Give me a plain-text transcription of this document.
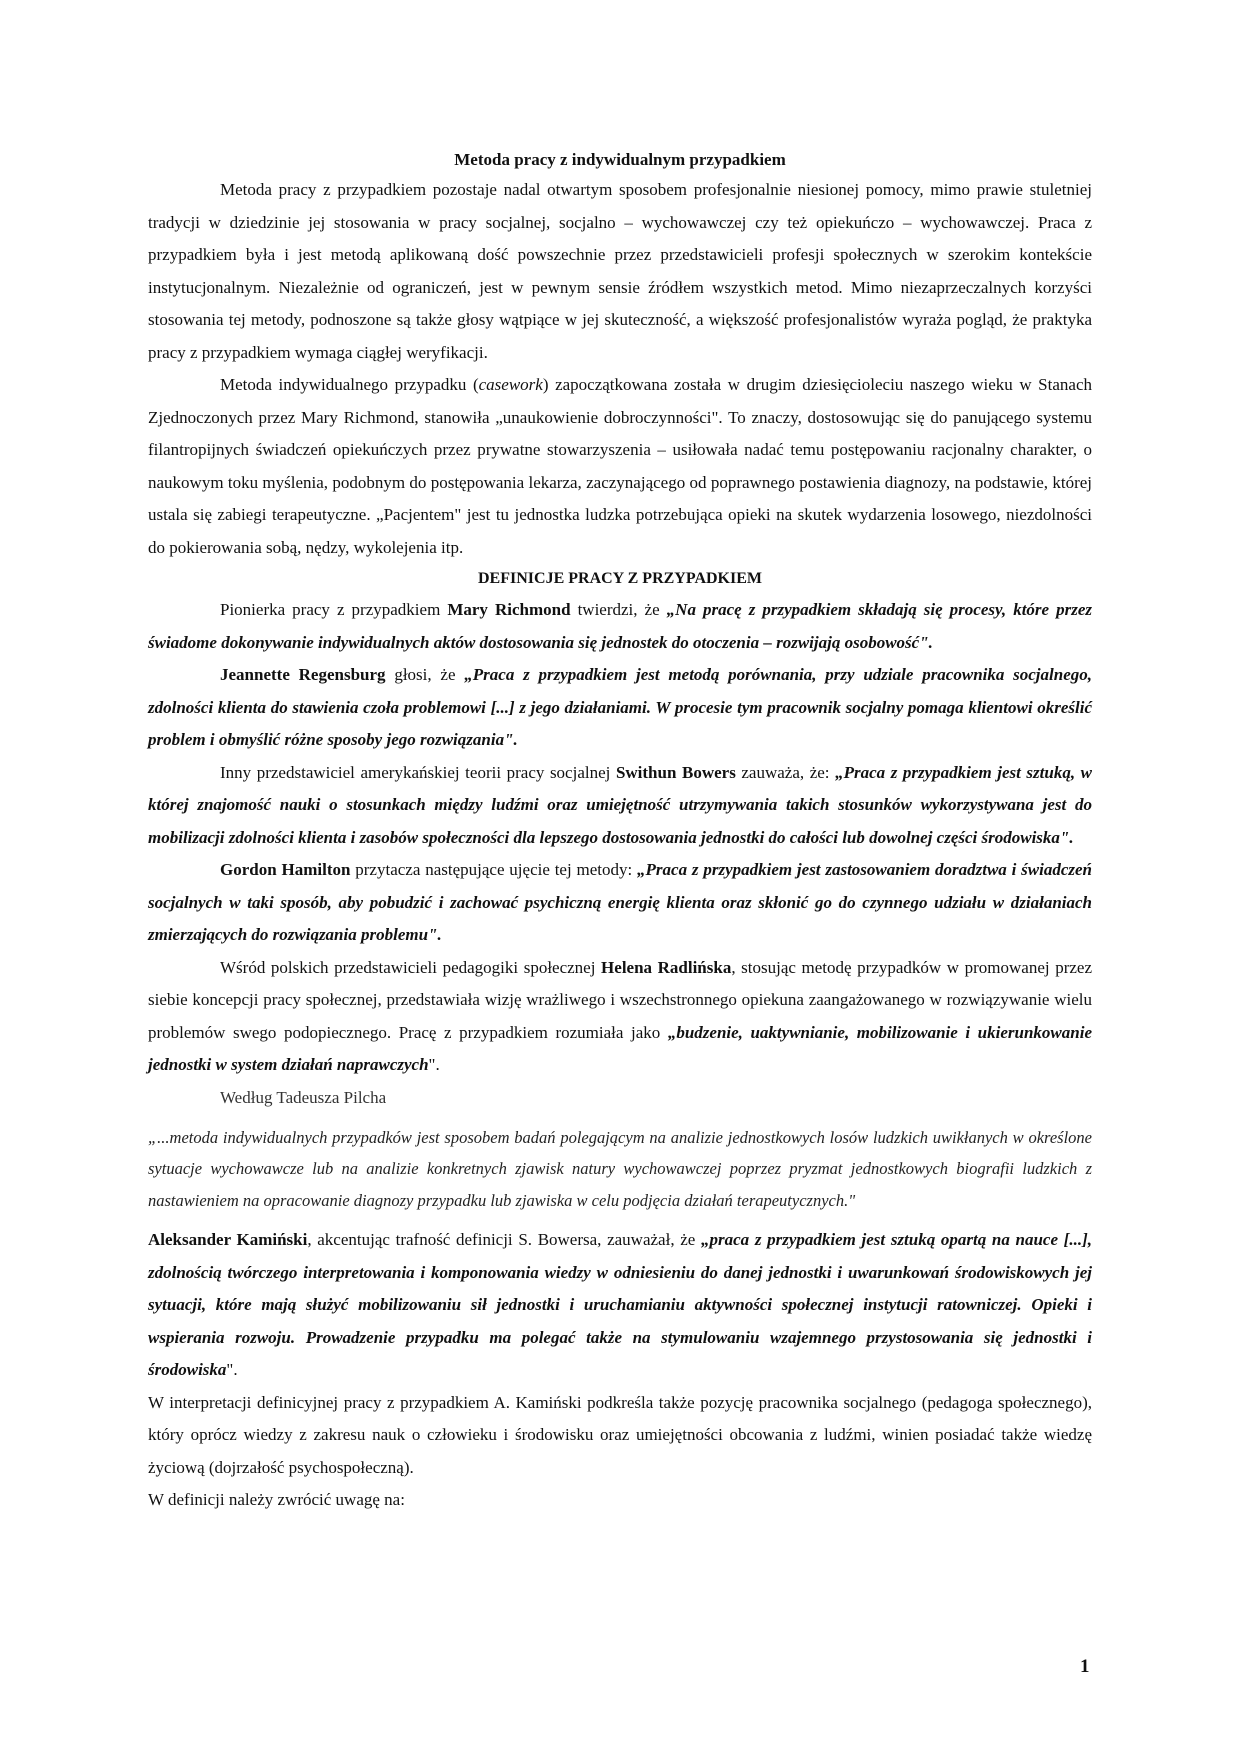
Metoda pracy z indywidualnym przypadkiem

Metoda pracy z przypadkiem pozostaje nadal otwartym sposobem profesjonalnie niesionej pomocy, mimo prawie stuletniej tradycji w dziedzinie jej stosowania w pracy socjalnej, socjalno – wychowawczej czy też opiekuńczo – wychowawczej. Praca z przypadkiem była i jest metodą aplikowaną dość powszechnie przez przedstawicieli profesji społecznych w szerokim kontekście instytucjonalnym. Niezależnie od ograniczeń, jest w pewnym sensie źródłem wszystkich metod. Mimo niezaprzeczalnych korzyści stosowania tej metody, podnoszone są także głosy wątpiące w jej skuteczność, a większość profesjonalistów wyraża pogląd, że praktyka pracy z przypadkiem wymaga ciągłej weryfikacji.

Metoda indywidualnego przypadku (casework) zapoczątkowana została w drugim dziesięcioleciu naszego wieku w Stanach Zjednoczonych przez Mary Richmond, stanowiła „unaukowienie dobroczynności". To znaczy, dostosowując się do panującego systemu filantropijnych świadczeń opiekuńczych przez prywatne stowarzyszenia – usiłowała nadać temu postępowaniu racjonalny charakter, o naukowym toku myślenia, podobnym do postępowania lekarza, zaczynającego od poprawnego postawienia diagnozy, na podstawie, której ustala się zabiegi terapeutyczne. „Pacjentem" jest tu jednostka ludzka potrzebująca opieki na skutek wydarzenia losowego, niezdolności do pokierowania sobą, nędzy, wykolejenia itp.

DEFINICJE PRACY Z PRZYPADKIEM

Pionierka pracy z przypadkiem Mary Richmond twierdzi, że „Na pracę z przypadkiem składają się procesy, które przez świadome dokonywanie indywidualnych aktów dostosowania się jednostek do otoczenia – rozwijają osobowość".

Jeannette Regensburg głosi, że „Praca z przypadkiem jest metodą porównania, przy udziale pracownika socjalnego, zdolności klienta do stawienia czoła problemowi [...] z jego działaniami. W procesie tym pracownik socjalny pomaga klientowi określić problem i obmyślić różne sposoby jego rozwiązania".

Inny przedstawiciel amerykańskiej teorii pracy socjalnej Swithun Bowers zauważa, że: „Praca z przypadkiem jest sztuką, w której znajomość nauki o stosunkach między ludźmi oraz umiejętność utrzymywania takich stosunków wykorzystywana jest do mobilizacji zdolności klienta i zasobów społeczności dla lepszego dostosowania jednostki do całości lub dowolnej części środowiska".

Gordon Hamilton przytacza następujące ujęcie tej metody: „Praca z przypadkiem jest zastosowaniem doradztwa i świadczeń socjalnych w taki sposób, aby pobudzić i zachować psychiczną energię klienta oraz skłonić go do czynnego udziału w działaniach zmierzających do rozwiązania problemu".

Wśród polskich przedstawicieli pedagogiki społecznej Helena Radlińska, stosując metodę przypadków w promowanej przez siebie koncepcji pracy społecznej, przedstawiała wizję wrażliwego i wszechstronnego opiekuna zaangażowanego w rozwiązywanie wielu problemów swego podopiecznego. Pracę z przypadkiem rozumiała jako „budzenie, uaktywnianie, mobilizowanie i ukierunkowanie jednostki w system działań naprawczych".

Według Tadeusza Pilcha

„...metoda indywidualnych przypadków jest sposobem badań polegającym na analizie jednostkowych losów ludzkich uwikłanych w określone sytuacje wychowawcze lub na analizie konkretnych zjawisk natury wychowawczej poprzez pryzmat jednostkowych biografii ludzkich z nastawieniem na opracowanie diagnozy przypadku lub zjawiska w celu podjęcia działań terapeutycznych."

Aleksander Kamiński, akcentując trafność definicji S. Bowersa, zauważał, że „praca z przypadkiem jest sztuką opartą na nauce [...], zdolnością twórczego interpretowania i komponowania wiedzy w odniesieniu do danej jednostki i uwarunkowań środowiskowych jej sytuacji, które mają służyć mobilizowaniu sił jednostki i uruchamianiu aktywności społecznej instytucji ratowniczej. Opieki i wspierania rozwoju. Prowadzenie przypadku ma polegać także na stymulowaniu wzajemnego przystosowania się jednostki i środowiska".

W interpretacji definicyjnej pracy z przypadkiem A. Kamiński podkreśla także pozycję pracownika socjalnego (pedagoga społecznego), który oprócz wiedzy z zakresu nauk o człowieku i środowisku oraz umiejętności obcowania z ludźmi, winien posiadać także wiedzę życiową (dojrzałość psychospołeczną).

W definicji należy zwrócić uwagę na:

1
